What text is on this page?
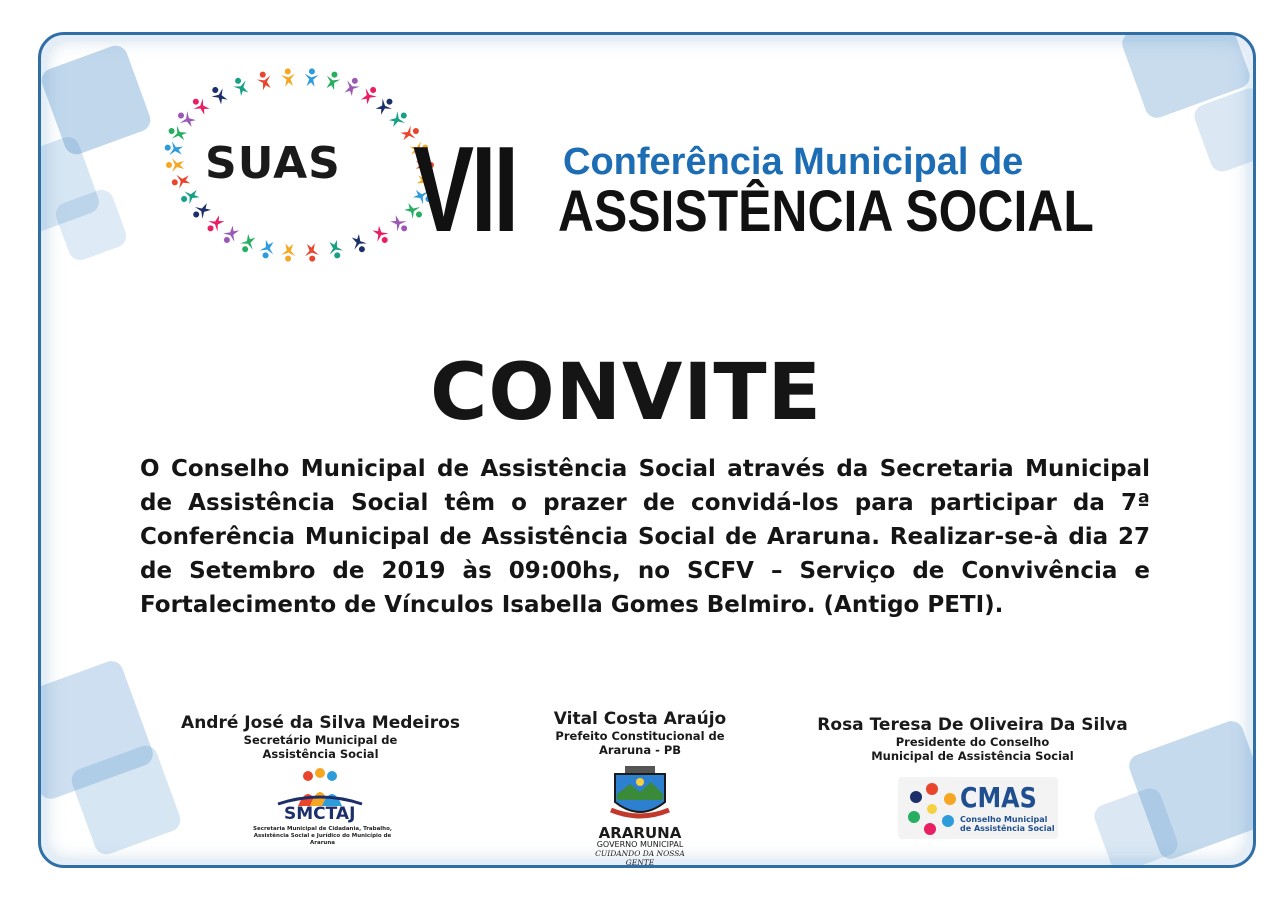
SUAS VII Conferência Municipal de
ASSISTÊNCIA SOCIAL
CONVITE
O Conselho Municipal de Assistência Social através da Secretaria Municipal de Assistência Social têm o prazer de convidá-los para participar da 7ª Conferência Municipal de Assistência Social de Araruna. Realizar-se-à dia 27 de Setembro de 2019 às 09:00hs, no SCFV – Serviço de Convivência e Fortalecimento de Vínculos Isabella Gomes Belmiro. (Antigo PETI).
André José da Silva Medeiros
Secretário Municipal de
Assistência Social
Vital Costa Araújo
Prefeito Constitucional de
Araruna - PB
Rosa Teresa De Oliveira Da Silva
Presidente do Conselho
Municipal de Assistência Social
SMCTAJ
Secretaria Municipal de Cidadania, Trabalho, Assistência Social e Jurídico do Município de Araruna
ARARUNA
GOVERNO MUNICIPAL
CUIDANDO DA NOSSA GENTE
CMAS
Conselho Municipal
de Assistência Social
